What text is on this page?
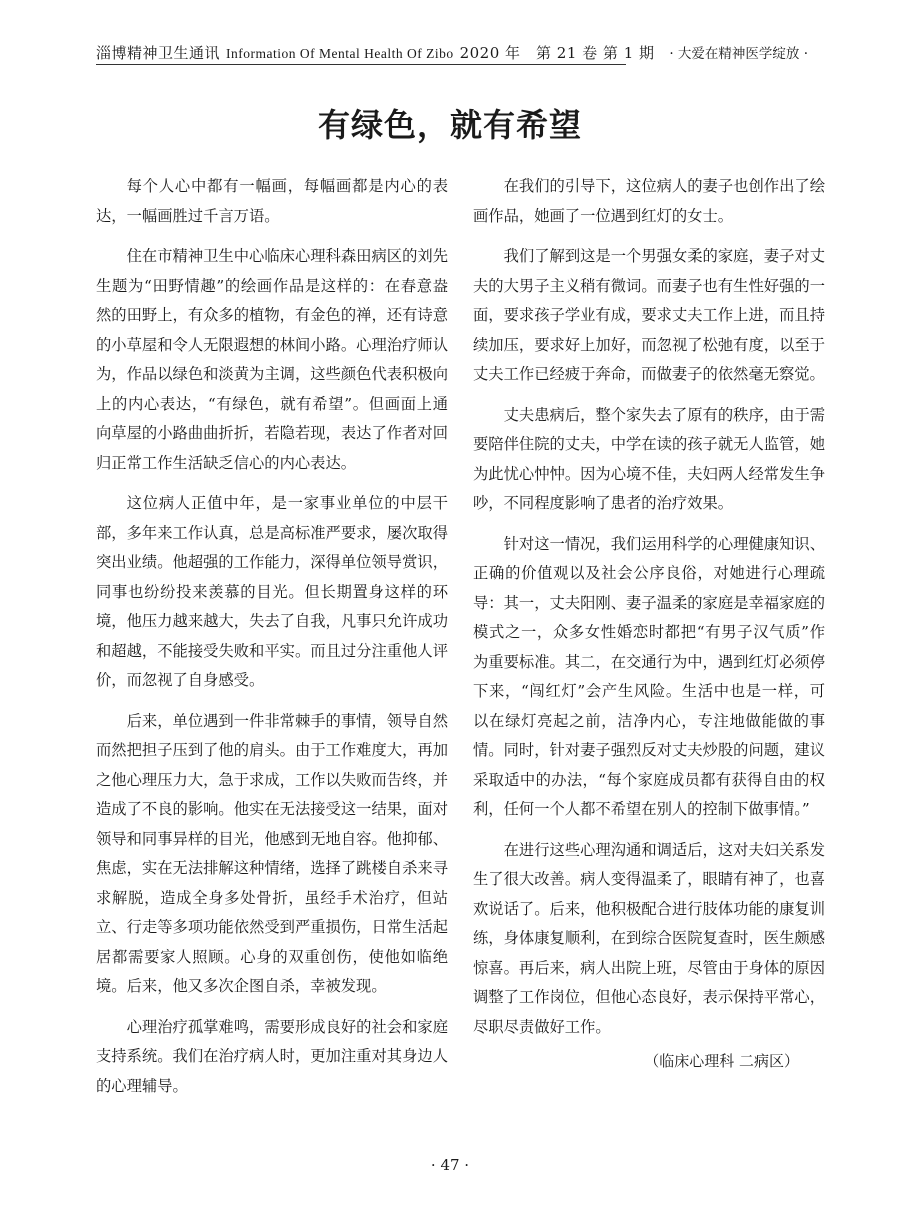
淄博精神卫生通讯 Information Of Mental Health Of Zibo 2020 年　第 21 卷 第 1 期 · 大爱在精神医学绽放 ·
有绿色，就有希望

每个人心中都有一幅画，每幅画都是内心的表达，一幅画胜过千言万语。

住在市精神卫生中心临床心理科森田病区的刘先生题为“田野情趣”的绘画作品是这样的：在春意盎然的田野上，有众多的植物，有金色的禅，还有诗意的小草屋和令人无限遐想的林间小路。心理治疗师认为，作品以绿色和淡黄为主调，这些颜色代表积极向上的内心表达，“有绿色，就有希望”。但画面上通向草屋的小路曲曲折折，若隐若现，表达了作者对回归正常工作生活缺乏信心的内心表达。

这位病人正值中年，是一家事业单位的中层干部，多年来工作认真，总是高标准严要求，屡次取得突出业绩。他超强的工作能力，深得单位领导赏识，同事也纷纷投来羡慕的目光。但长期置身这样的环境，他压力越来越大，失去了自我，凡事只允许成功和超越，不能接受失败和平实。而且过分注重他人评价，而忽视了自身感受。

后来，单位遇到一件非常棘手的事情，领导自然而然把担子压到了他的肩头。由于工作难度大，再加之他心理压力大，急于求成，工作以失败而告终，并造成了不良的影响。他实在无法接受这一结果，面对领导和同事异样的目光，他感到无地自容。他抑郁、焦虑，实在无法排解这种情绪，选择了跳楼自杀来寻求解脱，造成全身多处骨折，虽经手术治疗，但站立、行走等多项功能依然受到严重损伤，日常生活起居都需要家人照顾。心身的双重创伤，使他如临绝境。后来，他又多次企图自杀，幸被发现。

心理治疗孤掌难鸣，需要形成良好的社会和家庭支持系统。我们在治疗病人时，更加注重对其身边人的心理辅导。

在我们的引导下，这位病人的妻子也创作出了绘画作品，她画了一位遇到红灯的女士。

我们了解到这是一个男强女柔的家庭，妻子对丈夫的大男子主义稍有微词。而妻子也有生性好强的一面，要求孩子学业有成，要求丈夫工作上进，而且持续加压，要求好上加好，而忽视了松弛有度，以至于丈夫工作已经疲于奔命，而做妻子的依然毫无察觉。

丈夫患病后，整个家失去了原有的秩序，由于需要陪伴住院的丈夫，中学在读的孩子就无人监管，她为此忧心忡忡。因为心境不佳，夫妇两人经常发生争吵，不同程度影响了患者的治疗效果。

针对这一情况，我们运用科学的心理健康知识、正确的价值观以及社会公序良俗，对她进行心理疏导：其一，丈夫阳刚、妻子温柔的家庭是幸福家庭的模式之一，众多女性婚恋时都把“有男子汉气质”作为重要标准。其二，在交通行为中，遇到红灯必须停下来，“闯红灯”会产生风险。生活中也是一样，可以在绿灯亮起之前，洁净内心，专注地做能做的事情。同时，针对妻子强烈反对丈夫炒股的问题，建议采取适中的办法，“每个家庭成员都有获得自由的权利，任何一个人都不希望在别人的控制下做事情。”

在进行这些心理沟通和调适后，这对夫妇关系发生了很大改善。病人变得温柔了，眼睛有神了，也喜欢说话了。后来，他积极配合进行肢体功能的康复训练，身体康复顺利，在到综合医院复查时，医生颇感惊喜。再后来，病人出院上班，尽管由于身体的原因调整了工作岗位，但他心态良好，表示保持平常心，尽职尽责做好工作。

（临床心理科 二病区）
· 47 ·
